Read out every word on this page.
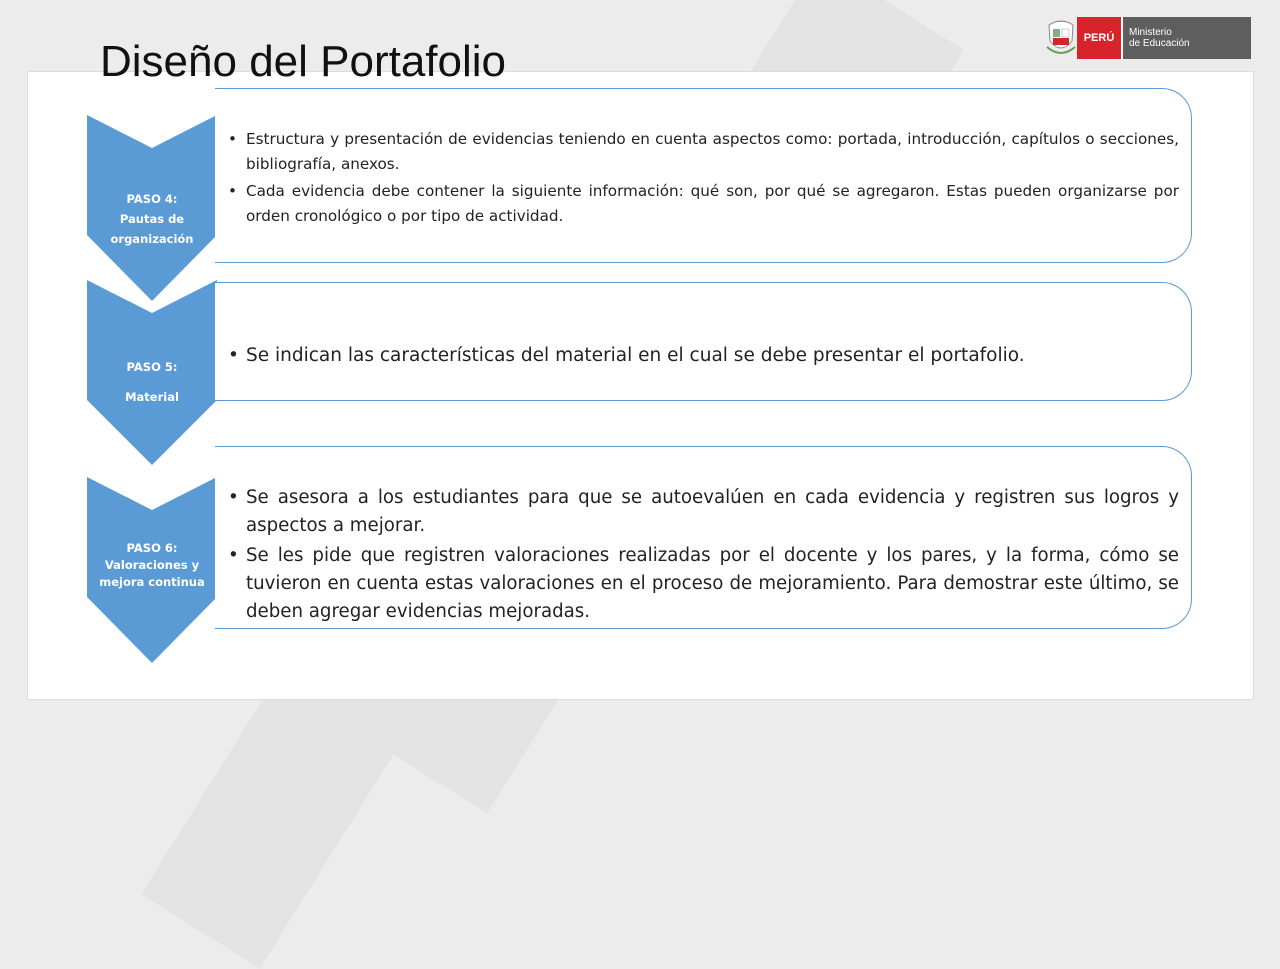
Diseño del Portafolio
~~~
PERÚ	Ministerio
de Educación
PASO 4:
Pautas de
organización
• Estructura y presentación de evidencias teniendo en cuenta aspectos como: portada, introducción, capítulos o secciones, bibliografía, anexos.
• Cada evidencia debe contener la siguiente información: qué son, por qué se agregaron. Estas pueden organizarse por orden cronológico o por tipo de actividad.
PASO 5:
Material
• Se indican las características del material en el cual se debe presentar el portafolio.
PASO 6:
Valoraciones y
mejora continua
• Se asesora a los estudiantes para que se autoevalúen en cada evidencia y registren sus logros y aspectos a mejorar.
• Se les pide que registren valoraciones realizadas por el docente y los pares, y la forma, cómo se tuvieron en cuenta estas valoraciones en el proceso de mejoramiento. Para demostrar este último, se deben agregar evidencias mejoradas.
